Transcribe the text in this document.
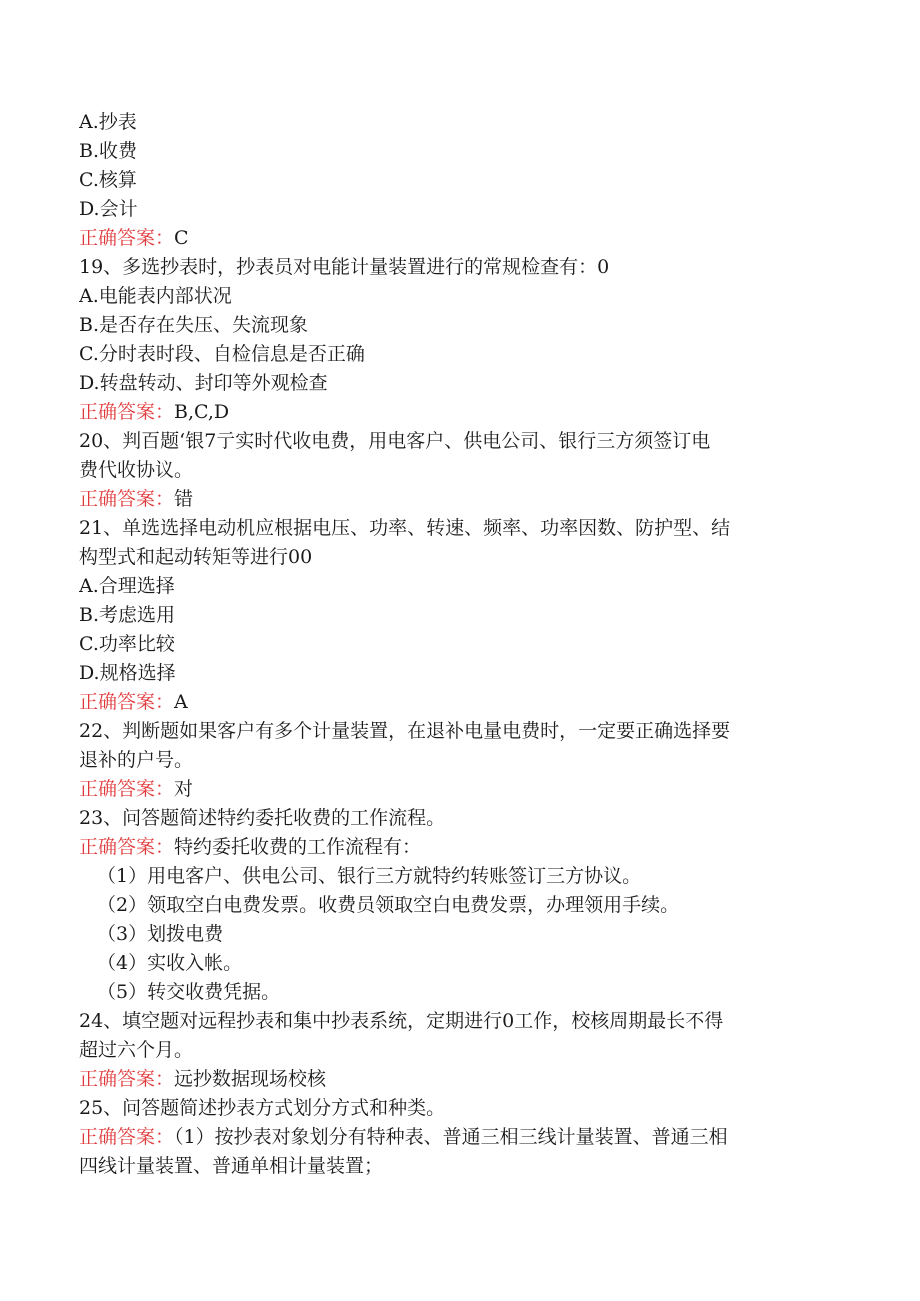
A.抄表
B.收费
C.核算
D.会计
正确答案：C
19、多选抄表时，抄表员对电能计量装置进行的常规检查有：0
A.电能表内部状况
B.是否存在失压、失流现象
C.分时表时段、自检信息是否正确
D.转盘转动、封印等外观检查
正确答案：B,C,D
20、判百题‘银7亍实时代收电费，用电客户、供电公司、银行三方须签订电
费代收协议。
正确答案：错
21、单选选择电动机应根据电压、功率、转速、频率、功率因数、防护型、结
构型式和起动转矩等进行00
A.合理选择
B.考虑选用
C.功率比较
D.规格选择
正确答案：A
22、判断题如果客户有多个计量装置，在退补电量电费时，一定要正确选择要
退补的户号。
正确答案：对
23、问答题简述特约委托收费的工作流程。
正确答案：特约委托收费的工作流程有：
（1）用电客户、供电公司、银行三方就特约转账签订三方协议。
（2）领取空白电费发票。收费员领取空白电费发票，办理领用手续。
（3）划拨电费
（4）实收入帐。
（5）转交收费凭据。
24、填空题对远程抄表和集中抄表系统，定期进行0工作，校核周期最长不得
超过六个月。
正确答案：远抄数据现场校核
25、问答题简述抄表方式划分方式和种类。
正确答案：（1）按抄表对象划分有特种表、普通三相三线计量装置、普通三相
四线计量装置、普通单相计量装置；
